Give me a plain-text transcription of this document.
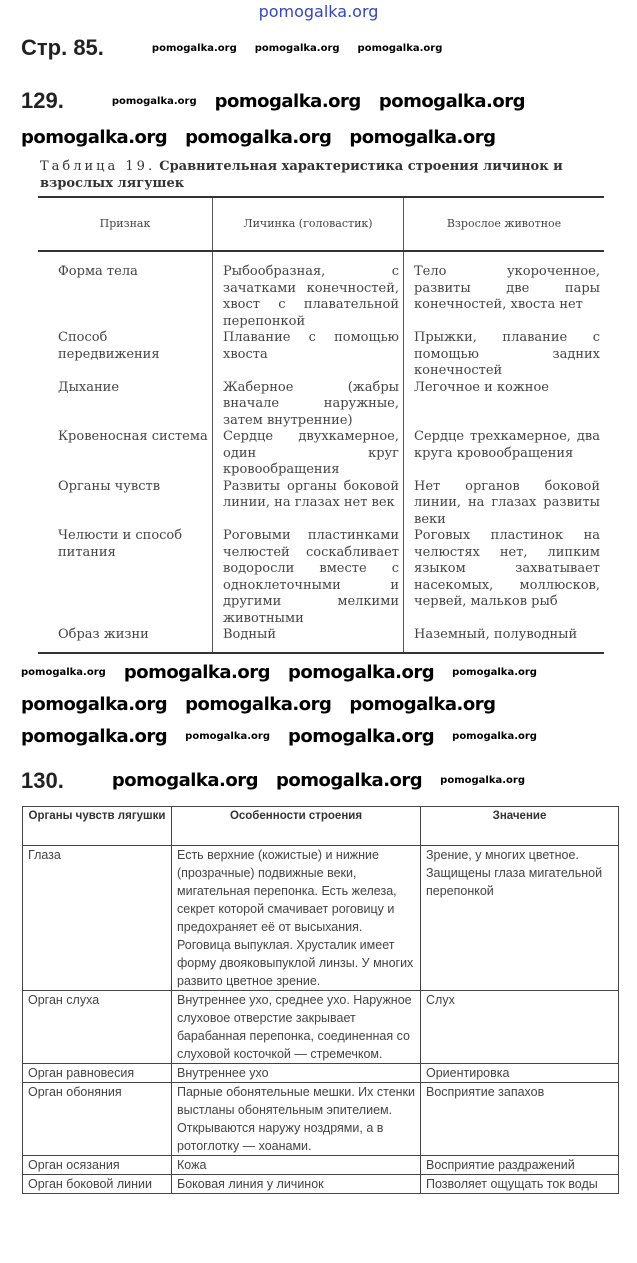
pomogalka.org
Стр. 85.	pomogalka.org pomogalka.org pomogalka.org
129.	pomogalka.org pomogalka.org pomogalka.org
pomogalka.org pomogalka.org pomogalka.org
Таблица 19. Сравнительная характеристика строения личинок и взрослых лягушек
Признак	Личинка (головастик)	Взрослое животное
Форма тела	Рыбообразная, с зачатками конечностей, хвост с плавательной перепонкой	Тело укороченное, развиты две пары конечностей, хвоста нет
Способ передвижения	Плавание с помощью хвоста	Прыжки, плавание с помощью задних конечностей
Дыхание	Жаберное (жабры вначале наружные, затем внутренние)	Легочное и кожное
Кровеносная система	Сердце двухкамерное, один круг кровообращения	Сердце трехкамерное, два круга кровообращения
Органы чувств	Развиты органы боковой линии, на глазах нет век	Нет органов боковой линии, на глазах развиты веки
Челюсти и способ питания	Роговыми пластинками челюстей соскабливает водоросли вместе с одноклеточными и другими мелкими животными	Роговых пластинок на челюстях нет, липким языком захватывает насекомых, моллюсков, червей, мальков рыб
Образ жизни	Водный	Наземный, полуводный
pomogalka.org pomogalka.org pomogalka.org pomogalka.org
pomogalka.org pomogalka.org pomogalka.org
pomogalka.org pomogalka.org pomogalka.org pomogalka.org
130.	pomogalka.org pomogalka.org pomogalka.org
Органы чувств лягушки	Особенности строения	Значение
Глаза	Есть верхние (кожистые) и нижние (прозрачные) подвижные веки, мигательная перепонка. Есть железа, секрет которой смачивает роговицу и предохраняет её от высыхания. Роговица выпуклая. Хрусталик имеет форму двояковыпуклой линзы. У многих развито цветное зрение.	Зрение, у многих цветное. Защищены глаза мигательной перепонкой
Орган слуха	Внутреннее ухо, среднее ухо. Наружное слуховое отверстие закрывает барабанная перепонка, соединенная со слуховой косточкой — стремечком.	Слух
Орган равновесия	Внутреннее ухо	Ориентировка
Орган обоняния	Парные обонятельные мешки. Их стенки выстланы обонятельным эпителием. Открываются наружу ноздрями, а в ротоглотку — хоанами.	Восприятие запахов
Орган осязания	Кожа	Восприятие раздражений
Орган боковой линии	Боковая линия у личинок	Позволяет ощущать ток воды
